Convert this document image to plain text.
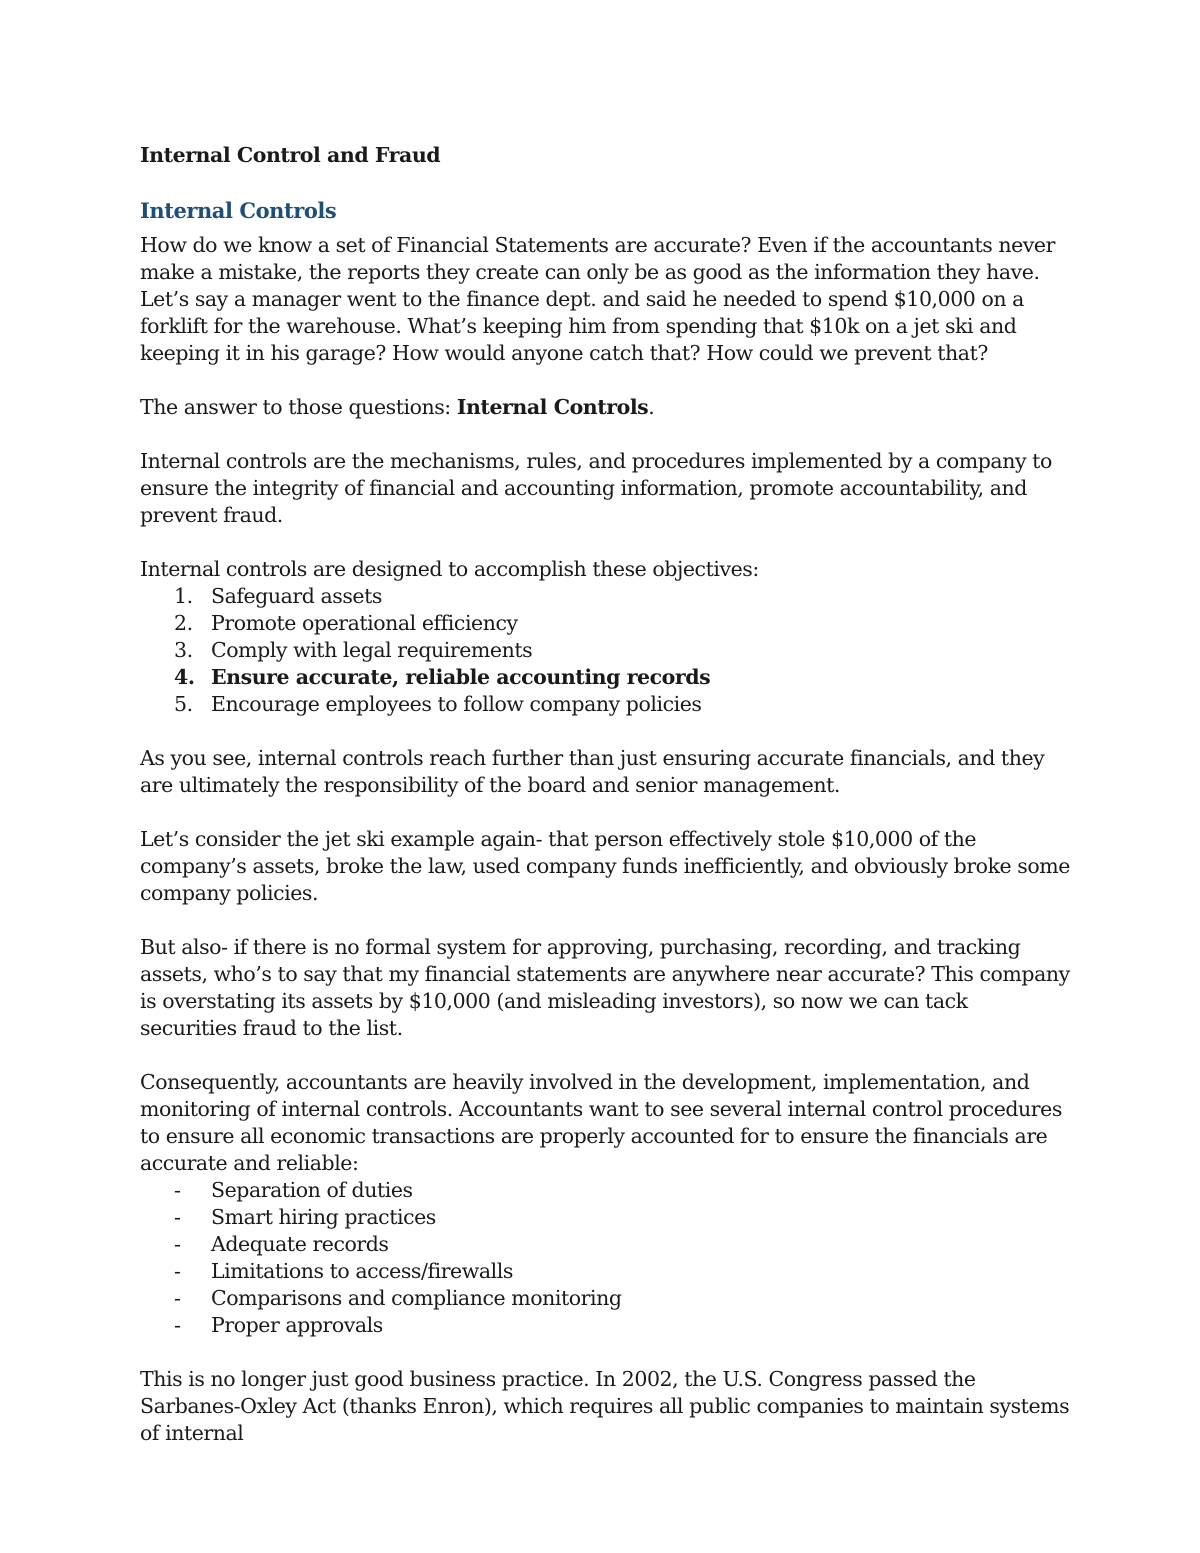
Internal Control and Fraud
Internal Controls

How do we know a set of Financial Statements are accurate? Even if the accountants never make a mistake, the reports they create can only be as good as the information they have. Let’s say a manager went to the finance dept. and said he needed to spend $10,000 on a forklift for the warehouse. What’s keeping him from spending that $10k on a jet ski and keeping it in his garage? How would anyone catch that? How could we prevent that?

The answer to those questions: Internal Controls.

Internal controls are the mechanisms, rules, and procedures implemented by a company to ensure the integrity of financial and accounting information, promote accountability, and prevent fraud.

Internal controls are designed to accomplish these objectives:

1. Safeguard assets
2. Promote operational efficiency
3. Comply with legal requirements
4. Ensure accurate, reliable accounting records
5. Encourage employees to follow company policies

As you see, internal controls reach further than just ensuring accurate financials, and they are ultimately the responsibility of the board and senior management.

Let’s consider the jet ski example again- that person effectively stole $10,000 of the company’s assets, broke the law, used company funds inefficiently, and obviously broke some company policies.

But also- if there is no formal system for approving, purchasing, recording, and tracking assets, who’s to say that my financial statements are anywhere near accurate? This company is overstating its assets by $10,000 (and misleading investors), so now we can tack securities fraud to the list.

Consequently, accountants are heavily involved in the development, implementation, and monitoring of internal controls. Accountants want to see several internal control procedures to ensure all economic transactions are properly accounted for to ensure the financials are accurate and reliable:

- Separation of duties
- Smart hiring practices
- Adequate records
- Limitations to access/firewalls
- Comparisons and compliance monitoring
- Proper approvals

This is no longer just good business practice. In 2002, the U.S. Congress passed the Sarbanes-Oxley Act (thanks Enron), which requires all public companies to maintain systems of internal
